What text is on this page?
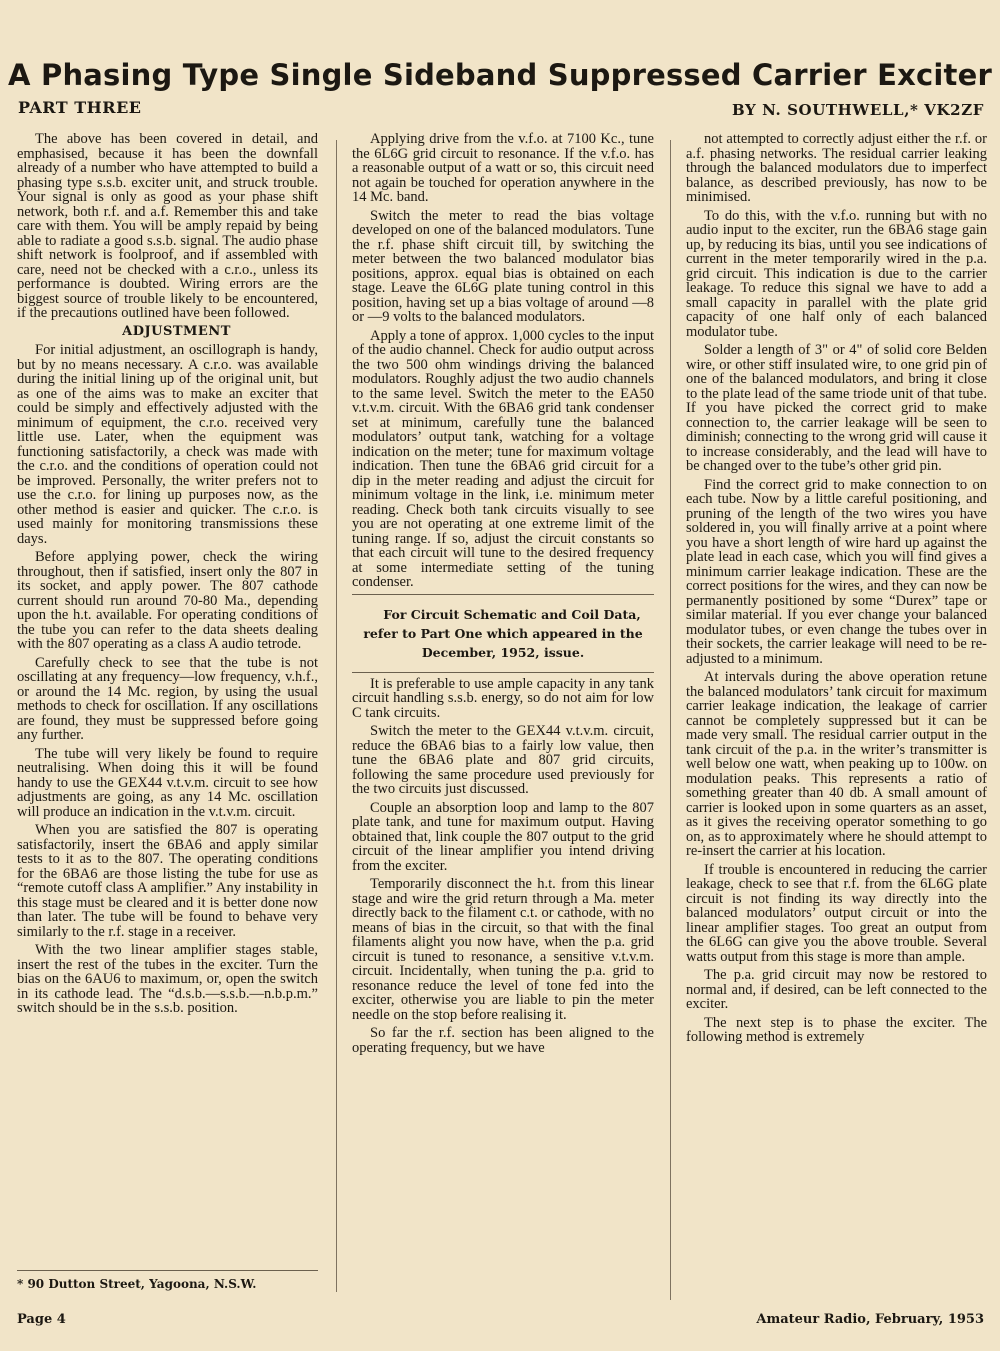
A Phasing Type Single Sideband Suppressed Carrier Exciter
PART THREE	BY N. SOUTHWELL,* VK2ZF

The above has been covered in detail, and emphasised, because it has been the downfall already of a number who have attempted to build a phasing type s.s.b. exciter unit, and struck trouble. Your signal is only as good as your phase shift network, both r.f. and a.f. Remember this and take care with them. You will be amply repaid by being able to radiate a good s.s.b. signal. The audio phase shift network is foolproof, and if assembled with care, need not be checked with a c.r.o., unless its performance is doubted. Wiring errors are the biggest source of trouble likely to be encountered, if the precautions outlined have been followed.

ADJUSTMENT

For initial adjustment, an oscillograph is handy, but by no means necessary. A c.r.o. was available during the initial lining up of the original unit, but as one of the aims was to make an exciter that could be simply and effectively adjusted with the minimum of equipment, the c.r.o. received very little use. Later, when the equipment was functioning satisfactorily, a check was made with the c.r.o. and the conditions of operation could not be improved. Personally, the writer prefers not to use the c.r.o. for lining up purposes now, as the other method is easier and quicker. The c.r.o. is used mainly for monitoring transmissions these days.

Before applying power, check the wiring throughout, then if satisfied, insert only the 807 in its socket, and apply power. The 807 cathode current should run around 70-80 Ma., depending upon the h.t. available. For operating conditions of the tube you can refer to the data sheets dealing with the 807 operating as a class A audio tetrode.

Carefully check to see that the tube is not oscillating at any frequency—low frequency, v.h.f., or around the 14 Mc. region, by using the usual methods to check for oscillation. If any oscillations are found, they must be suppressed before going any further.

The tube will very likely be found to require neutralising. When doing this it will be found handy to use the GEX44 v.t.v.m. circuit to see how adjustments are going, as any 14 Mc. oscillation will produce an indication in the v.t.v.m. circuit.

When you are satisfied the 807 is operating satisfactorily, insert the 6BA6 and apply similar tests to it as to the 807. The operating conditions for the 6BA6 are those listing the tube for use as “remote cutoff class A amplifier.” Any instability in this stage must be cleared and it is better done now than later. The tube will be found to behave very similarly to the r.f. stage in a receiver.

With the two linear amplifier stages stable, insert the rest of the tubes in the exciter. Turn the bias on the 6AU6 to maximum, or, open the switch in its cathode lead. The “d.s.b.—s.s.b.—n.b.p.m.” switch should be in the s.s.b. position.

Applying drive from the v.f.o. at 7100 Kc., tune the 6L6G grid circuit to resonance. If the v.f.o. has a reasonable output of a watt or so, this circuit need not again be touched for operation anywhere in the 14 Mc. band.

Switch the meter to read the bias voltage developed on one of the balanced modulators. Tune the r.f. phase shift circuit till, by switching the meter between the two balanced modulator bias positions, approx. equal bias is obtained on each stage. Leave the 6L6G plate tuning control in this position, having set up a bias voltage of around —8 or —9 volts to the balanced modulators.

Apply a tone of approx. 1,000 cycles to the input of the audio channel. Check for audio output across the two 500 ohm windings driving the balanced modulators. Roughly adjust the two audio channels to the same level. Switch the meter to the EA50 v.t.v.m. circuit. With the 6BA6 grid tank condenser set at minimum, carefully tune the balanced modulators’ output tank, watching for a voltage indication on the meter; tune for maximum voltage indication. Then tune the 6BA6 grid circuit for a dip in the meter reading and adjust the circuit for minimum voltage in the link, i.e. minimum meter reading. Check both tank circuits visually to see you are not operating at one extreme limit of the tuning range. If so, adjust the circuit constants so that each circuit will tune to the desired frequency at some intermediate setting of the tuning condenser.

For Circuit Schematic and Coil Data, refer to Part One which appeared in the December, 1952, issue.

It is preferable to use ample capacity in any tank circuit handling s.s.b. energy, so do not aim for low C tank circuits.

Switch the meter to the GEX44 v.t.v.m. circuit, reduce the 6BA6 bias to a fairly low value, then tune the 6BA6 plate and 807 grid circuits, following the same procedure used previously for the two circuits just discussed.

Couple an absorption loop and lamp to the 807 plate tank, and tune for maximum output. Having obtained that, link couple the 807 output to the grid circuit of the linear amplifier you intend driving from the exciter.

Temporarily disconnect the h.t. from this linear stage and wire the grid return through a Ma. meter directly back to the filament c.t. or cathode, with no means of bias in the circuit, so that with the final filaments alight you now have, when the p.a. grid circuit is tuned to resonance, a sensitive v.t.v.m. circuit. Incidentally, when tuning the p.a. grid to resonance reduce the level of tone fed into the exciter, otherwise you are liable to pin the meter needle on the stop before realising it.

So far the r.f. section has been aligned to the operating frequency, but we have

not attempted to correctly adjust either the r.f. or a.f. phasing networks. The residual carrier leaking through the balanced modulators due to imperfect balance, as described previously, has now to be minimised.

To do this, with the v.f.o. running but with no audio input to the exciter, run the 6BA6 stage gain up, by reducing its bias, until you see indications of current in the meter temporarily wired in the p.a. grid circuit. This indication is due to the carrier leakage. To reduce this signal we have to add a small capacity in parallel with the plate grid capacity of one half only of each balanced modulator tube.

Solder a length of 3" or 4" of solid core Belden wire, or other stiff insulated wire, to one grid pin of one of the balanced modulators, and bring it close to the plate lead of the same triode unit of that tube. If you have picked the correct grid to make connection to, the carrier leakage will be seen to diminish; connecting to the wrong grid will cause it to increase considerably, and the lead will have to be changed over to the tube’s other grid pin.

Find the correct grid to make connection to on each tube. Now by a little careful positioning, and pruning of the length of the two wires you have soldered in, you will finally arrive at a point where you have a short length of wire hard up against the plate lead in each case, which you will find gives a minimum carrier leakage indication. These are the correct positions for the wires, and they can now be permanently positioned by some “Durex” tape or similar material. If you ever change your balanced modulator tubes, or even change the tubes over in their sockets, the carrier leakage will need to be re-adjusted to a minimum.

At intervals during the above operation retune the balanced modulators’ tank circuit for maximum carrier leakage indication, the leakage of carrier cannot be completely suppressed but it can be made very small. The residual carrier output in the tank circuit of the p.a. in the writer’s transmitter is well below one watt, when peaking up to 100w. on modulation peaks. This represents a ratio of something greater than 40 db. A small amount of carrier is looked upon in some quarters as an asset, as it gives the receiving operator something to go on, as to approximately where he should attempt to re-insert the carrier at his location.

If trouble is encountered in reducing the carrier leakage, check to see that r.f. from the 6L6G plate circuit is not finding its way directly into the balanced modulators’ output circuit or into the linear amplifier stages. Too great an output from the 6L6G can give you the above trouble. Several watts output from this stage is more than ample.

The p.a. grid circuit may now be restored to normal and, if desired, can be left connected to the exciter.

The next step is to phase the exciter. The following method is extremely

* 90 Dutton Street, Yagoona, N.S.W.
Page 4	Amateur Radio, February, 1953
